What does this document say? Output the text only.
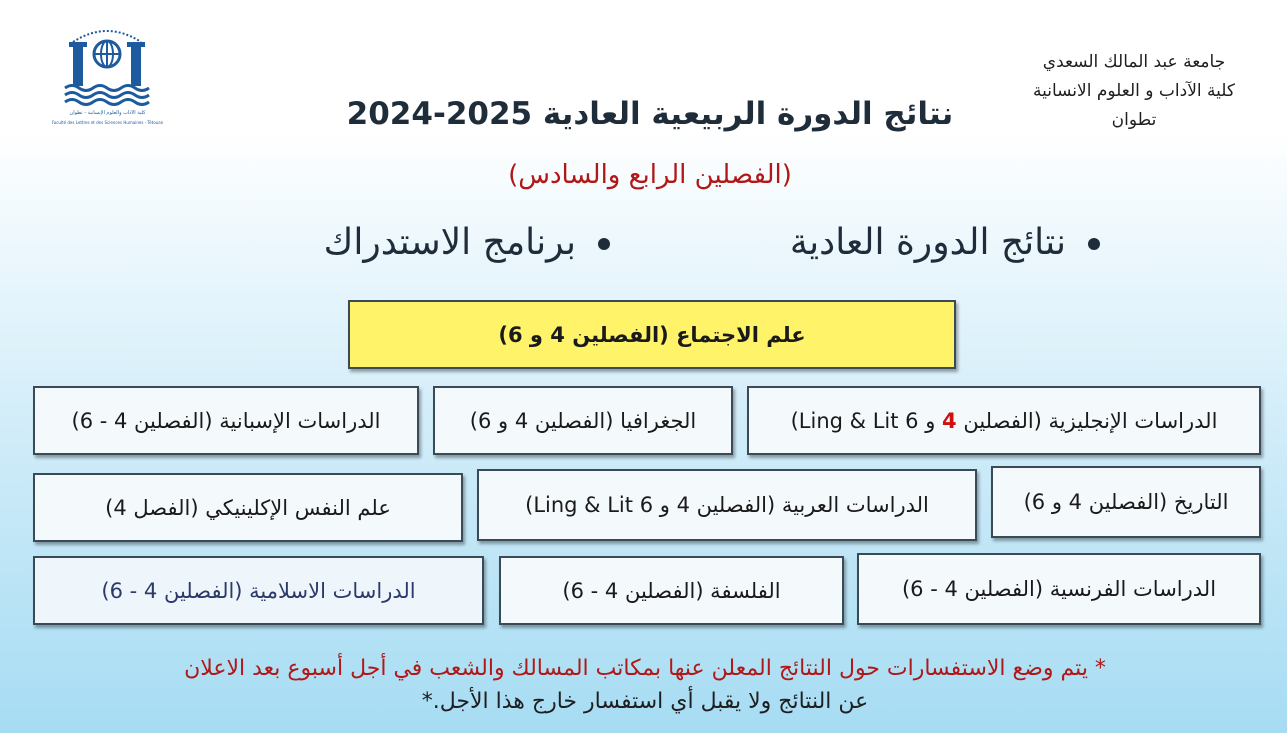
كلية الآداب والعلوم الإنسانية - تطوان
Faculté des Lettres et des Sciences Humaines - Tétouan
جامعة عبد المالك السعدي
كلية الآداب و العلوم الانسانية
تطوان
نتائج الدورة الربيعية العادية 2025-2024
(الفصلين الرابع والسادس)
نتائج الدورة العادية
برنامج الاستدراك
علم الاجتماع (الفصلين 4 و 6)
الدراسات الإنجليزية (الفصلين 4 و 6 Ling & Lit)
الجغرافيا (الفصلين 4 و 6)
الدراسات الإسبانية (الفصلين 4 - 6)
التاريخ (الفصلين 4 و 6)
الدراسات العربية (الفصلين 4 و 6 Ling & Lit)
علم النفس الإكلينيكي (الفصل 4)
الدراسات الفرنسية (الفصلين 4 - 6)
الفلسفة (الفصلين 4 - 6)
الدراسات الاسلامية (الفصلين 4 - 6)
* يتم وضع الاستفسارات حول النتائج المعلن عنها بمكاتب المسالك والشعب في أجل أسبوع بعد الاعلان
عن النتائج ولا يقبل أي استفسار خارج هذا الأجل.*
